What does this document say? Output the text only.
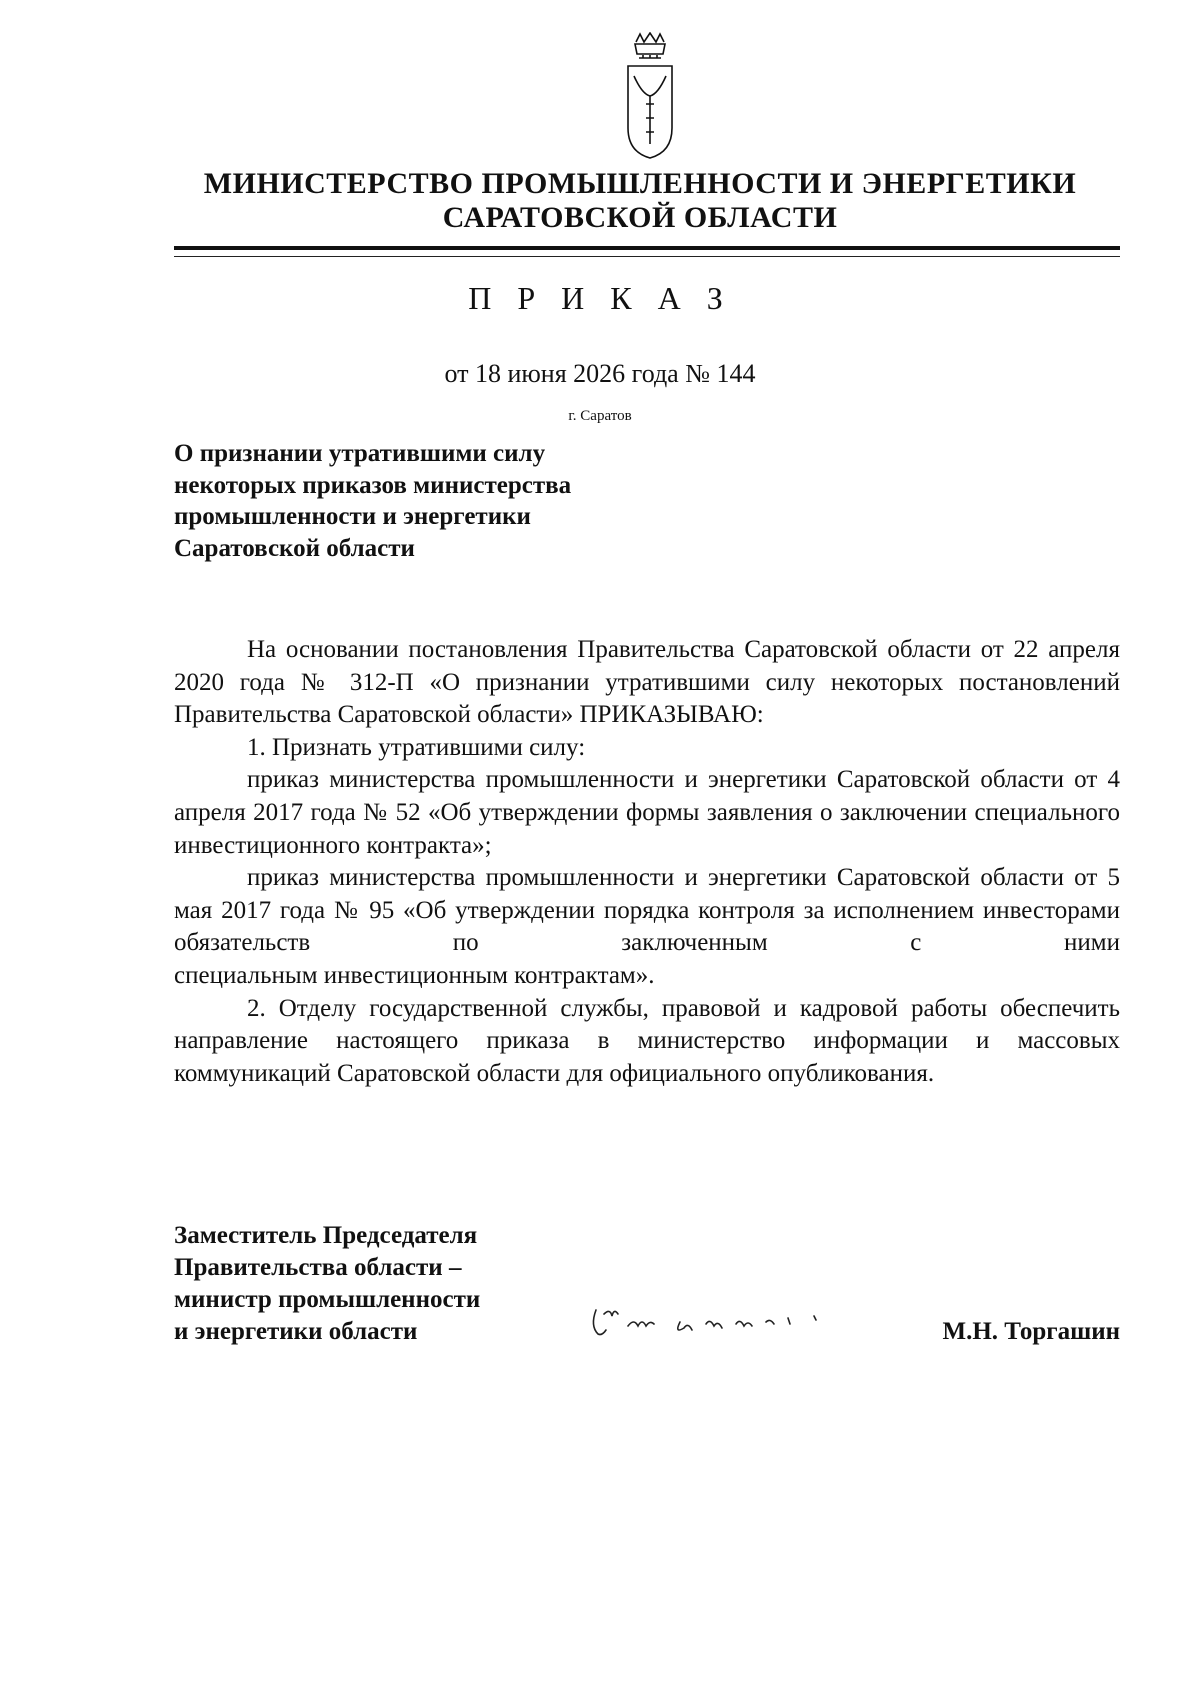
МИНИСТЕРСТВО ПРОМЫШЛЕННОСТИ И ЭНЕРГЕТИКИ
САРАТОВСКОЙ ОБЛАСТИ
П Р И К А З
от 18 июня 2026 года № 144
г. Саратов
О признании утратившими силу
некоторых приказов министерства
промышленности и энергетики
Саратовской области

На основании постановления Правительства Саратовской области от 22 апреля 2020 года № 312-П «О признании утратившими силу некоторых постановлений Правительства Саратовской области» ПРИКАЗЫВАЮ:

1. Признать утратившими силу:

приказ министерства промышленности и энергетики Саратовской области от 4 апреля 2017 года № 52 «Об утверждении формы заявления о заключении специального инвестиционного контракта»;

приказ министерства промышленности и энергетики Саратовской области от 5 мая 2017 года № 95 «Об утверждении порядка контроля за исполнением инвесторами обязательств по заключенным с ними

специальным инвестиционным контрактам».

2. Отделу государственной службы, правовой и кадровой работы обеспечить направление настоящего приказа в министерство информации и массовых коммуникаций Саратовской области для официального опубликования.

Заместитель Председателя
Правительства области –
министр промышленности
и энергетики области	М.Н. Торгашин
